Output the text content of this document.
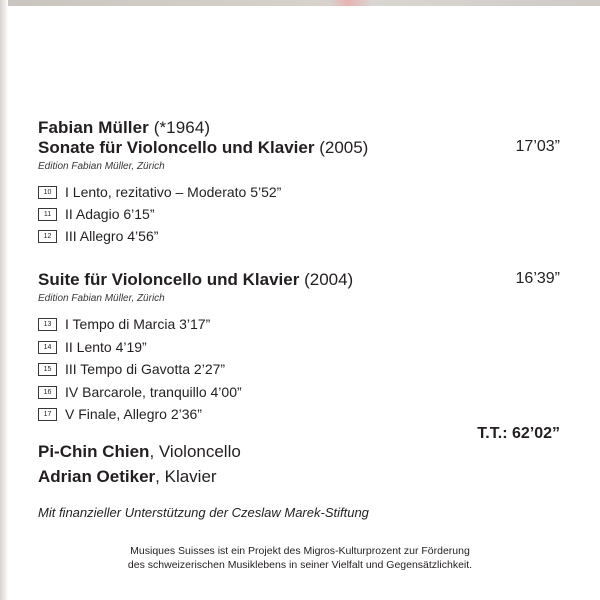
Fabian Müller (*1964)
Sonate für Violoncello und Klavier (2005)	17’03”
Edition Fabian Müller, Zürich
10 I Lento, rezitativo – Moderato 5’52”
11 II Adagio 6’15”
12 III Allegro 4’56”
Suite für Violoncello und Klavier (2004)	16’39”
Edition Fabian Müller, Zürich
13 I Tempo di Marcia 3’17”
14 II Lento 4’19”
15 III Tempo di Gavotta 2’27”
16 IV Barcarole, tranquillo 4’00”
17 V Finale, Allegro 2’36”
T.T.: 62’02”
Pi-Chin Chien, Violoncello
Adrian Oetiker, Klavier
Mit finanzieller Unterstützung der Czeslaw Marek-Stiftung
Musiques Suisses ist ein Projekt des Migros-Kulturprozent zur Förderung
des schweizerischen Musiklebens in seiner Vielfalt und Gegensätzlichkeit.
